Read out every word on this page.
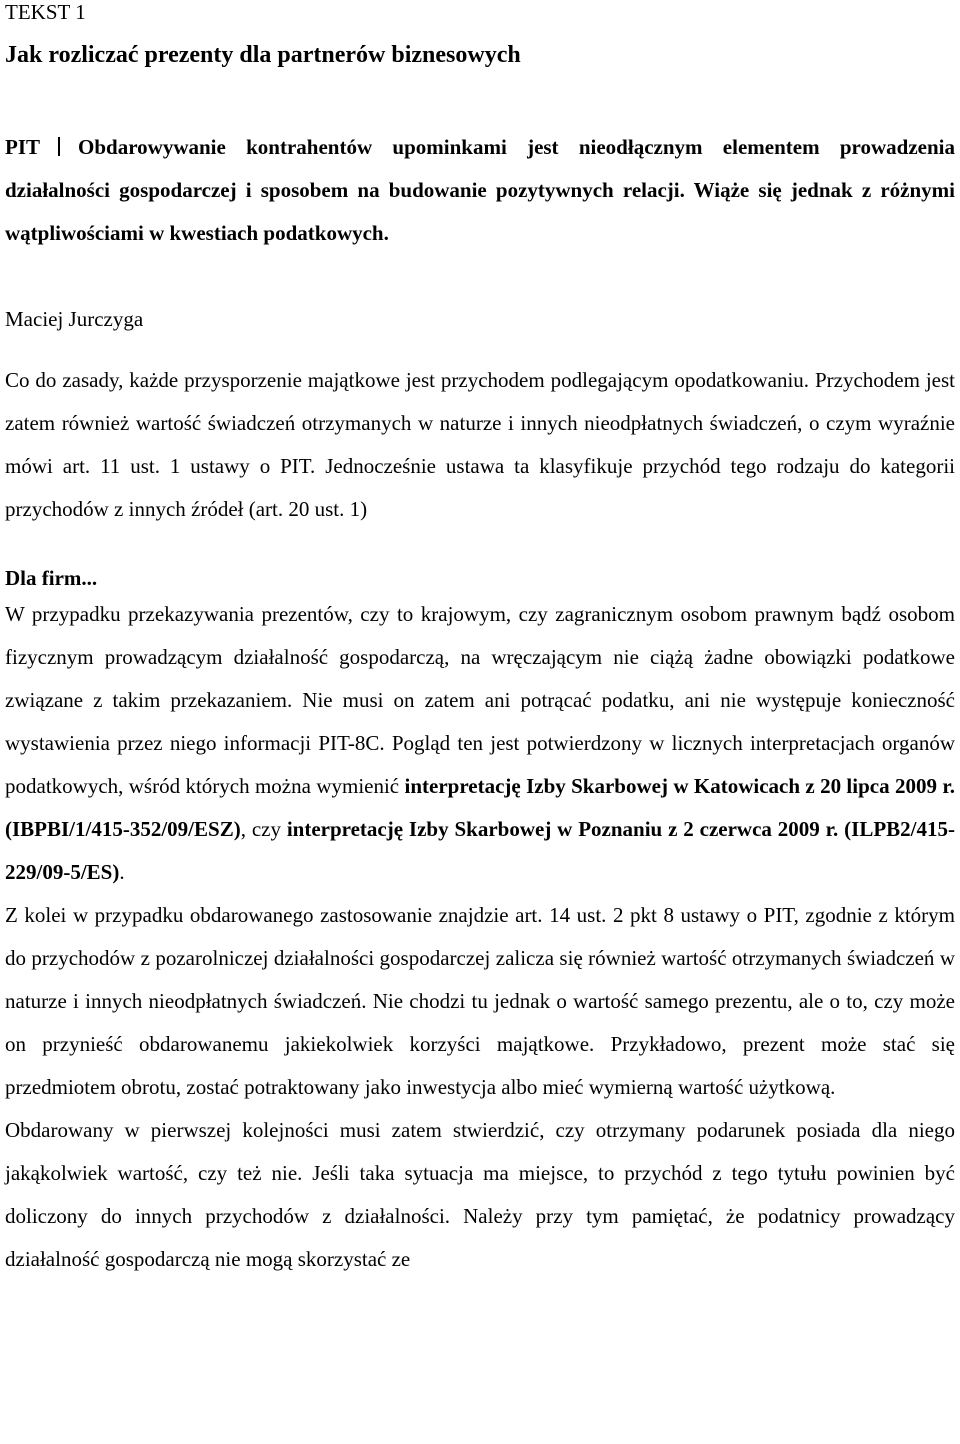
TEKST 1

Jak rozliczać prezenty dla partnerów biznesowych

PIT Obdarowywanie kontrahentów upominkami jest nieodłącznym elementem prowadzenia działalności gospodarczej i sposobem na budowanie pozytywnych relacji. Wiąże się jednak z różnymi wątpliwościami w kwestiach podatkowych.

Maciej Jurczyga

Co do zasady, każde przysporzenie majątkowe jest przychodem podlegającym opodatkowaniu. Przychodem jest zatem również wartość świadczeń otrzymanych w naturze i innych nieodpłatnych świadczeń, o czym wyraźnie mówi art. 11 ust. 1 ustawy o PIT. Jednocześnie ustawa ta klasyfikuje przychód tego rodzaju do kategorii przychodów z innych źródeł (art. 20 ust. 1)

Dla firm...

W przypadku przekazywania prezentów, czy to krajowym, czy zagranicznym osobom prawnym bądź osobom fizycznym prowadzącym działalność gospodarczą, na wręczającym nie ciążą żadne obowiązki podatkowe związane z takim przekazaniem. Nie musi on zatem ani potrącać podatku, ani nie występuje konieczność wystawienia przez niego informacji PIT-8C. Pogląd ten jest potwierdzony w licznych interpretacjach organów podatkowych, wśród których można wymienić interpretację Izby Skarbowej w Katowicach z 20 lipca 2009 r. (IBPBI/1/415-352/09/ESZ), czy interpretację Izby Skarbowej w Poznaniu z 2 czerwca 2009 r. (ILPB2/415-229/09-5/ES).

Z kolei w przypadku obdarowanego zastosowanie znajdzie art. 14 ust. 2 pkt 8 ustawy o PIT, zgodnie z którym do przychodów z pozarolniczej działalności gospodarczej zalicza się również wartość otrzymanych świadczeń w naturze i innych nieodpłatnych świadczeń. Nie chodzi tu jednak o wartość samego prezentu, ale o to, czy może on przynieść obdarowanemu jakiekolwiek korzyści majątkowe. Przykładowo, prezent może stać się przedmiotem obrotu, zostać potraktowany jako inwestycja albo mieć wymierną wartość użytkową.

Obdarowany w pierwszej kolejności musi zatem stwierdzić, czy otrzymany podarunek posiada dla niego jakąkolwiek wartość, czy też nie. Jeśli taka sytuacja ma miejsce, to przychód z tego tytułu powinien być doliczony do innych przychodów z działalności. Należy przy tym pamiętać, że podatnicy prowadzący działalność gospodarczą nie mogą skorzystać ze
